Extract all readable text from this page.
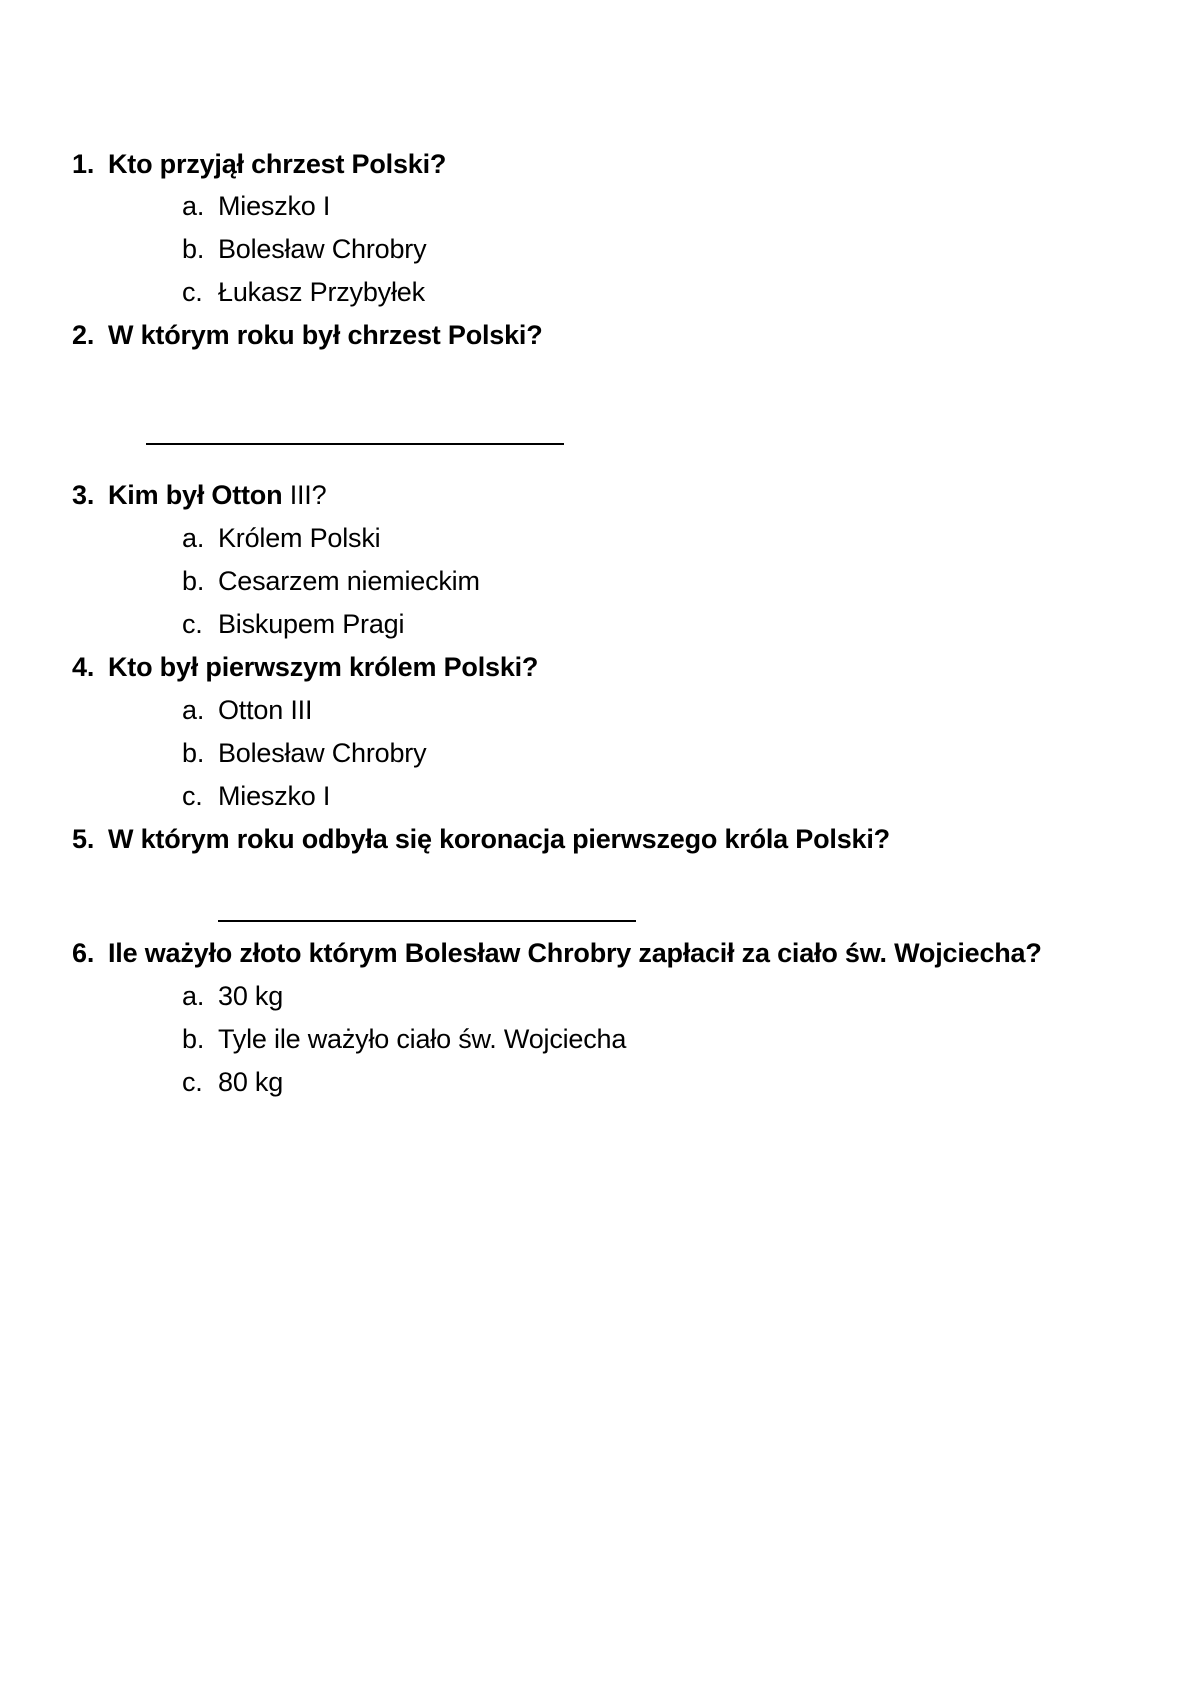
1. Kto przyjął chrzest Polski?
a. Mieszko I
b. Bolesław Chrobry
c. Łukasz Przybyłek
2. W którym roku był chrzest Polski?
3. Kim był Otton III?
a. Królem Polski
b. Cesarzem niemieckim
c. Biskupem Pragi
4. Kto był pierwszym królem Polski?
a. Otton III
b. Bolesław Chrobry
c. Mieszko I
5. W którym roku odbyła się koronacja pierwszego króla Polski?
6. Ile ważyło złoto którym Bolesław Chrobry zapłacił za ciało św. Wojciecha?
a. 30 kg
b. Tyle ile ważyło ciało św. Wojciecha
c. 80 kg
